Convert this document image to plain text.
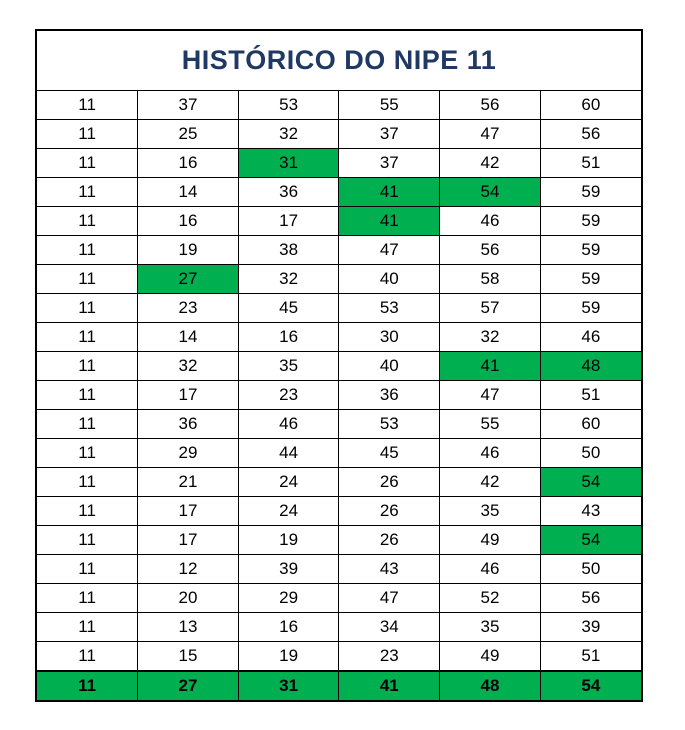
HISTÓRICO DO NIPE 11
11	37	53	55	56	60
11	25	32	37	47	56
11	16	31	37	42	51
11	14	36	41	54	59
11	16	17	41	46	59
11	19	38	47	56	59
11	27	32	40	58	59
11	23	45	53	57	59
11	14	16	30	32	46
11	32	35	40	41	48
11	17	23	36	47	51
11	36	46	53	55	60
11	29	44	45	46	50
11	21	24	26	42	54
11	17	24	26	35	43
11	17	19	26	49	54
11	12	39	43	46	50
11	20	29	47	52	56
11	13	16	34	35	39
11	15	19	23	49	51
11	27	31	41	48	54
